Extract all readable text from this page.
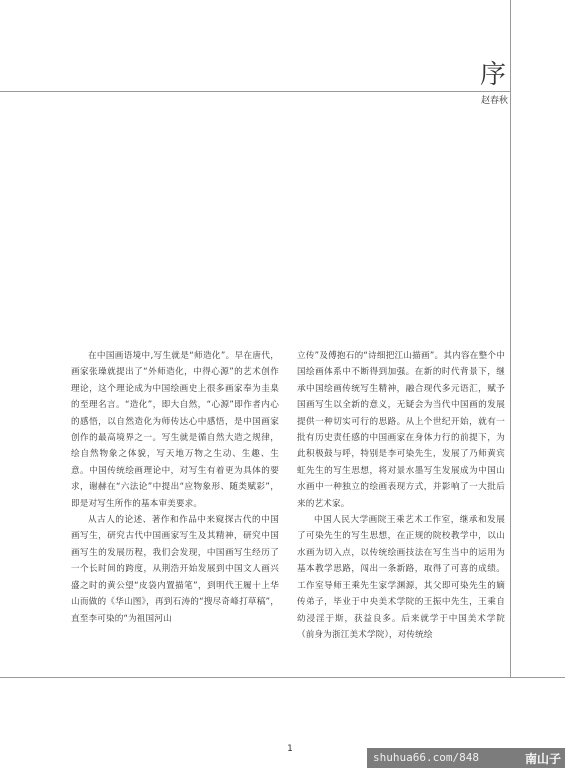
序
赵春秋

在中国画语境中,写生就是“师造化”。早在唐代，画家张璪就提出了“外师造化，中得心源”的艺术创作理论，这个理论成为中国绘画史上很多画家奉为圭臬的至理名言。“造化”，即大自然，“心源”即作者内心的感悟，以自然造化为师传达心中感悟，是中国画家创作的最高境界之一。写生就是循自然大造之规律，绘自然物象之体貌，写天地万物之生动、生趣、生意。中国传统绘画理论中，对写生有着更为具体的要求，谢赫在“六法论”中提出“应物象形、随类赋彩”，即是对写生所作的基本审美要求。

从古人的论述、著作和作品中来窥探古代的中国画写生，研究古代中国画家写生及其精神，研究中国画写生的发展历程，我们会发现，中国画写生经历了一个长时间的跨度，从荆浩开始发展到中国文人画兴盛之时的黄公望“皮袋内置描笔”，到明代王履十上华山而做的《华山图》，再到石涛的“搜尽奇峰打草稿”，直至李可染的“为祖国河山

立传”及傅抱石的“诗细把江山描画”。其内容在整个中国绘画体系中不断得到加强。在新的时代背景下，继承中国绘画传统写生精神，融合现代多元语汇，赋予国画写生以全新的意义，无疑会为当代中国画的发展提供一种切实可行的思路。从上个世纪开始，就有一批有历史责任感的中国画家在身体力行的前提下，为此积极鼓与呼，特别是李可染先生，发展了乃师黄宾虹先生的写生思想，将对景水墨写生发展成为中国山水画中一种独立的绘画表现方式，并影响了一大批后来的艺术家。

中国人民大学画院王乘艺术工作室，继承和发展了可染先生的写生思想，在正规的院校教学中，以山水画为切入点，以传统绘画技法在写生当中的运用为基本教学思路，闯出一条新路，取得了可喜的成绩。工作室导师王乘先生家学渊源，其父即可染先生的嫡传弟子，毕业于中央美术学院的王振中先生，王乘自幼浸淫于斯，获益良多。后来就学于中国美术学院（前身为浙江美术学院），对传统绘

1
shuhua66.com/848	南山子
